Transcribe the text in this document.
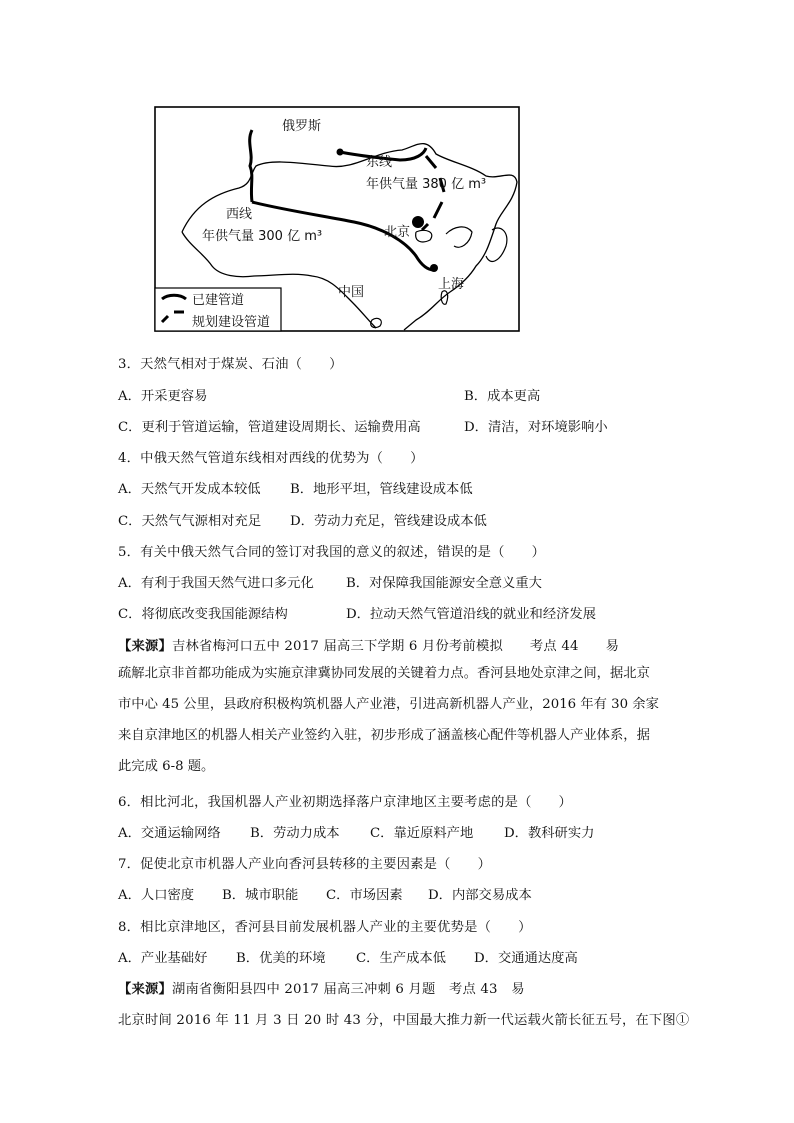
俄罗斯
东线
年供气量 380 亿 m³
西线
年供气量 300 亿 m³	北京
中国
上海
已建管道
规划建设管道
3．天然气相对于煤炭、石油（　　）
A．开采更容易	B．成本更高
C．更利于管道运输，管道建设周期长、运输费用高	D．清洁，对环境影响小
4．中俄天然气管道东线相对西线的优势为（　　）
A．天然气开发成本较低 B．地形平坦，管线建设成本低
C．天然气气源相对充足 D．劳动力充足，管线建设成本低
5．有关中俄天然气合同的签订对我国的意义的叙述，错误的是（　　）
A．有利于我国天然气进口多元化 B．对保障我国能源安全意义重大
C．将彻底改变我国能源结构	D．拉动天然气管道沿线的就业和经济发展
【来源】吉林省梅河口五中 2017 届高三下学期 6 月份考前模拟　　考点 44　　易
疏解北京非首都功能成为实施京津冀协同发展的关键着力点。香河县地处京津之间，据北京
市中心 45 公里，县政府积极构筑机器人产业港，引进高新机器人产业，2016 年有 30 余家
来自京津地区的机器人相关产业签约入驻，初步形成了涵盖核心配件等机器人产业体系，据
此完成 6-8 题。
6．相比河北，我国机器人产业初期选择落户京津地区主要考虑的是（　　）
A．交通运输网络 B．劳动力成本 C．靠近原料产地 D．教科研实力
7．促使北京市机器人产业向香河县转移的主要因素是（　　）
A．人口密度 B．城市职能 C．市场因素 D．内部交易成本
8．相比京津地区，香河县目前发展机器人产业的主要优势是（　　）
A．产业基础好 B．优美的环境 C．生产成本低 D．交通通达度高
【来源】湖南省衡阳县四中 2017 届高三冲刺 6 月题　考点 43　易
北京时间 2016 年 11 月 3 日 20 时 43 分，中国最大推力新一代运载火箭长征五号，在下图①
